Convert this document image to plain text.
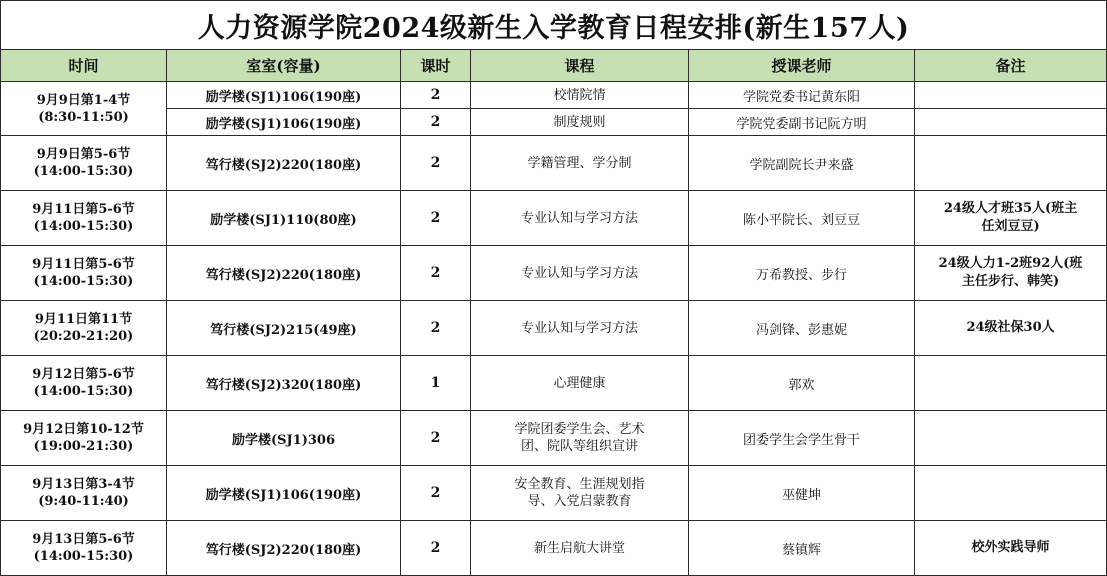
人力资源学院2024级新生入学教育日程安排(新生157人)					
时间	室室(容量)	课时	课程	授课老师	备注

9月9日第1-4节
(8:30-11:50)	励学楼(SJ1)106(190座)	2	校情院情	学院党委书记黄东阳	
	励学楼(SJ1)106(190座)	2	制度规则	学院党委副书记阮方明	

9月9日第5-6节
(14:00-15:30)	笃行楼(SJ2)220(180座)	2	学籍管理、学分制	学院副院长尹来盛	

9月11日第5-6节
(14:00-15:30)	励学楼(SJ1)110(80座)	2	专业认知与学习方法	陈小平院长、刘豆豆	24级人才班35人(班主
任刘豆豆)

9月11日第5-6节
(14:00-15:30)	笃行楼(SJ2)220(180座)	2	专业认知与学习方法	万希教授、步行	24级人力1-2班92人(班
主任步行、韩笑)

9月11日第11节
(20:20-21:20)	笃行楼(SJ2)215(49座)	2	专业认知与学习方法	冯剑锋、彭惠妮	24级社保30人

9月12日第5-6节
(14:00-15:30)	笃行楼(SJ2)320(180座)	1	心理健康	郭欢	

9月12日第10-12节
(19:00-21:30)	励学楼(SJ1)306	2	学院团委学生会、艺术
团、院队等组织宣讲	团委学生会学生骨干	

9月13日第3-4节
(9:40-11:40)	励学楼(SJ1)106(190座)	2	安全教育、生涯规划指
导、入党启蒙教育	巫健坤	

9月13日第5-6节
(14:00-15:30)	笃行楼(SJ2)220(180座)	2	新生启航大讲堂	蔡镇辉	校外实践导师
